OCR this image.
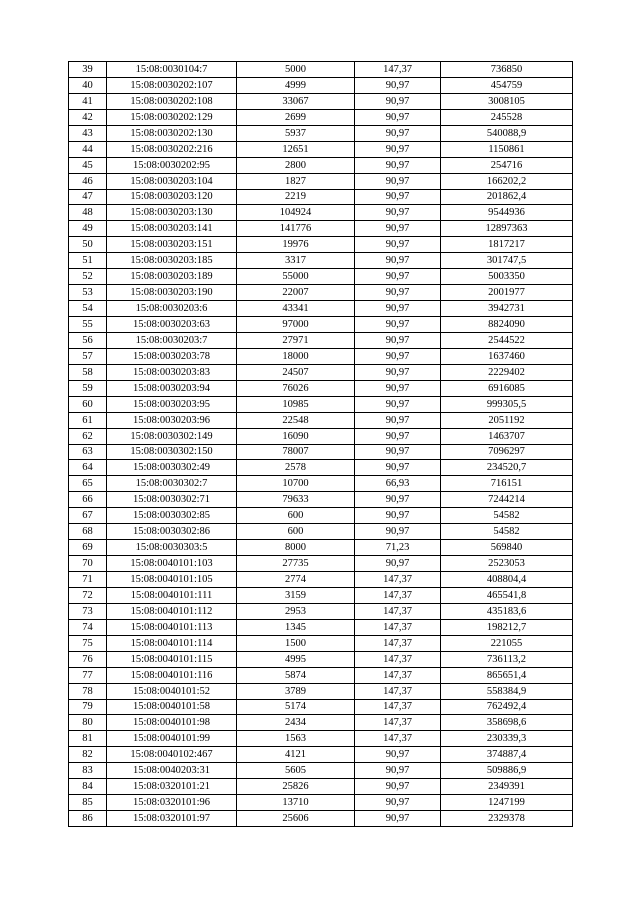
39	15:08:0030104:7	5000	147,37	736850
40	15:08:0030202:107	4999	90,97	454759
41	15:08:0030202:108	33067	90,97	3008105
42	15:08:0030202:129	2699	90,97	245528
43	15:08:0030202:130	5937	90,97	540088,9
44	15:08:0030202:216	12651	90,97	1150861
45	15:08:0030202:95	2800	90,97	254716
46	15:08:0030203:104	1827	90,97	166202,2
47	15:08:0030203:120	2219	90,97	201862,4
48	15:08:0030203:130	104924	90,97	9544936
49	15:08:0030203:141	141776	90,97	12897363
50	15:08:0030203:151	19976	90,97	1817217
51	15:08:0030203:185	3317	90,97	301747,5
52	15:08:0030203:189	55000	90,97	5003350
53	15:08:0030203:190	22007	90,97	2001977
54	15:08:0030203:6	43341	90,97	3942731
55	15:08:0030203:63	97000	90,97	8824090
56	15:08:0030203:7	27971	90,97	2544522
57	15:08:0030203:78	18000	90,97	1637460
58	15:08:0030203:83	24507	90,97	2229402
59	15:08:0030203:94	76026	90,97	6916085
60	15:08:0030203:95	10985	90,97	999305,5
61	15:08:0030203:96	22548	90,97	2051192
62	15:08:0030302:149	16090	90,97	1463707
63	15:08:0030302:150	78007	90,97	7096297
64	15:08:0030302:49	2578	90,97	234520,7
65	15:08:0030302:7	10700	66,93	716151
66	15:08:0030302:71	79633	90,97	7244214
67	15:08:0030302:85	600	90,97	54582
68	15:08:0030302:86	600	90,97	54582
69	15:08:0030303:5	8000	71,23	569840
70	15:08:0040101:103	27735	90,97	2523053
71	15:08:0040101:105	2774	147,37	408804,4
72	15:08:0040101:111	3159	147,37	465541,8
73	15:08:0040101:112	2953	147,37	435183,6
74	15:08:0040101:113	1345	147,37	198212,7
75	15:08:0040101:114	1500	147,37	221055
76	15:08:0040101:115	4995	147,37	736113,2
77	15:08:0040101:116	5874	147,37	865651,4
78	15:08:0040101:52	3789	147,37	558384,9
79	15:08:0040101:58	5174	147,37	762492,4
80	15:08:0040101:98	2434	147,37	358698,6
81	15:08:0040101:99	1563	147,37	230339,3
82	15:08:0040102:467	4121	90,97	374887,4
83	15:08:0040203:31	5605	90,97	509886,9
84	15:08:0320101:21	25826	90,97	2349391
85	15:08:0320101:96	13710	90,97	1247199
86	15:08:0320101:97	25606	90,97	2329378
